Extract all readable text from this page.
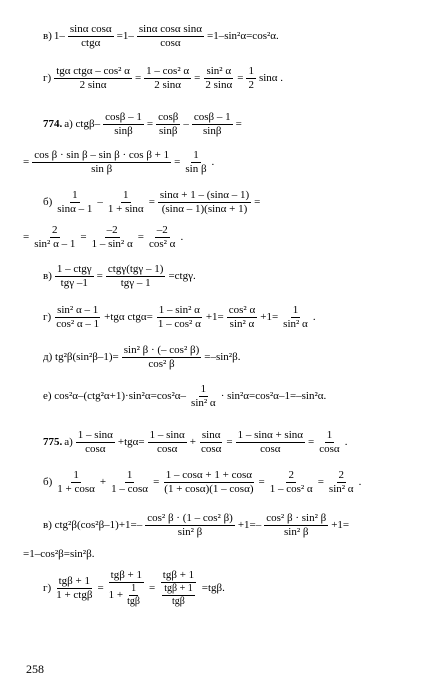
в) $1- \frac{\text{sinα cosα}}{\text{ctgα}} =1- \frac{\text{sinα cosα sinα}}{\cos\alpha} =1-\sin^2\alpha=\cos^2\alpha$.
$г) \frac{\text{tgα ctgα – cos² α}}{2 \sin\alpha} = \frac{\text{1 – cos² α}}{2 \sin\alpha} = \frac{\text{sin² α}}{2 \sin\alpha} = \frac{1}{2}$ sinα .
774. а) $ctg\beta- \frac{\cos\beta - 1}{\sin\beta} = \frac{\cos\beta}{\sin\beta} - \frac{\cos\beta - 1}{\sin\beta}$ =
= $\frac{\text{cos β · sin β – sin β · cos β + 1}}{\text{sin β}} = \frac{1}{\text{sin β}}$ .
$б) \frac{1}{\sin\alpha - 1} - \frac{1}{1 + \sin\alpha} = \frac{\sin\alpha + 1 - (\sin\alpha - 1)}{(\sin\alpha - 1)(\sin\alpha + 1)}$ =
= $\frac{2}{\text{sin² α – 1}} = \frac{-2}{\text{1 – sin² α}} = \frac{-2}{\text{cos² α}}$ .
$в) \frac{\text{1 – ctgγ}}{\text{tgγ –1}} = \frac{\text{ctgγ(tgγ – 1)}}{\text{tgγ – 1}} =ctg\gamma$.
$г) \frac{\text{sin² α – 1}}{\text{cos² α – 1}} +tg\alpha$ $ctg\alpha= \frac{\text{1 – sin² α}}{\text{1 – cos² α}} +1= \frac{\text{cos² α}}{\text{sin² α}} +1= \frac{1}{\text{sin² α}}$ .
д) $tg^2\beta(\sin^2\beta-1)= \frac{\text{sin² β · (– cos² β)}}{\text{cos² β}} =-\sin^2\beta$.
е) $\cos^2\alpha-(ctg^2\alpha+1)\cdot\sin^2\alpha=\cos^2\alpha- \frac{1}{\text{sin² α}} \cdot \sin^2\alpha=\cos^2\alpha-1=-\sin^2\alpha$.
775. $а) \frac{1 - \sin\alpha}{\cos\alpha} +tg\alpha= \frac{1 - \sin\alpha}{\cos\alpha} + \frac{\sin\alpha}{\cos\alpha} = \frac{1 - \sin\alpha + \sin\alpha}{\cos\alpha} = \frac{1}{\cos\alpha}$ .
$б) \frac{1}{1 + \cos\alpha} + \frac{1}{1 - \cos\alpha} = \frac{1 - \cos\alpha + 1 + \cos\alpha}{(1 + \cos\alpha)(1 - \cos\alpha)} = \frac{2}{\text{1 – cos² α}} = \frac{2}{\text{sin² α}}$ .
в) $ctg^2\beta(\cos^2\beta-1)+1=- \frac{\text{cos² β · (1 – cos² β)}}{\text{sin² β}} +1=- \frac{\text{cos² β · sin² β}}{\text{sin² β}} +1=$
=1–cos²β=sin²β.
$г) \frac{\text{tgβ + 1}}{\text{1 + ctgβ}} = \frac{\text{tgβ + 1}}{1 + \frac{1}{\text{tgβ}}} = \frac{\text{tgβ + 1}}{\frac{\text{tgβ + 1}}{\text{tgβ}}} =tg\beta$.
258
